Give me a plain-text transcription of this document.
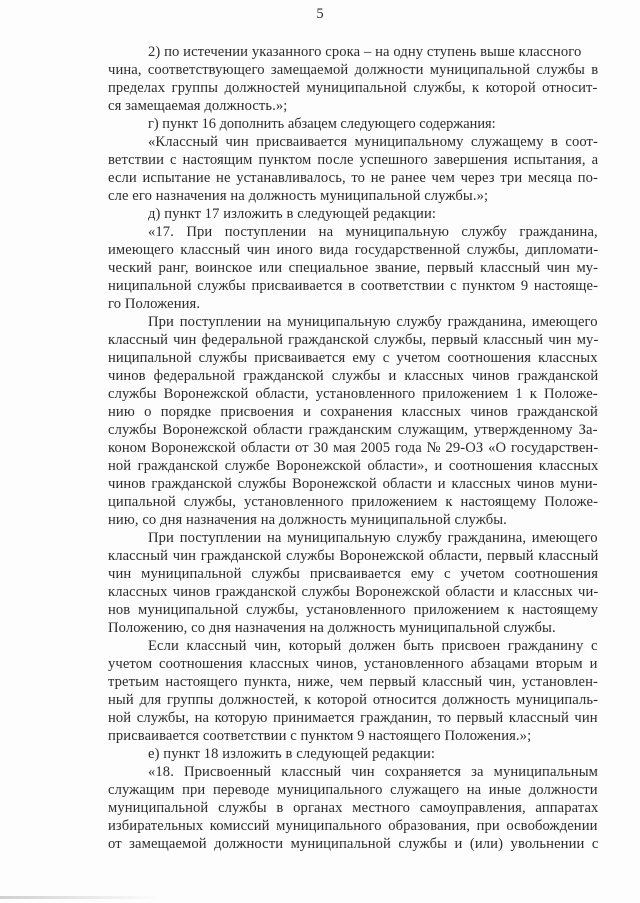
5
2) по истечении указанного срока – на одну ступень выше классного
чина, соответствующего замещаемой должности муниципальной службы в
пределах группы должностей муниципальной службы, к которой относит-
ся замещаемая должность.»;
г) пункт 16 дополнить абзацем следующего содержания:
«Классный чин присваивается муниципальному служащему в соот-
ветствии с настоящим пунктом после успешного завершения испытания, а
если испытание не устанавливалось, то не ранее чем через три месяца по-
сле его назначения на должность муниципальной службы.»;
д) пункт 17 изложить в следующей редакции:
«17. При поступлении на муниципальную службу гражданина,
имеющего классный чин иного вида государственной службы, дипломати-
ческий ранг, воинское или специальное звание, первый классный чин му-
ниципальной службы присваивается в соответствии с пунктом 9 настояще-
го Положения.
При поступлении на муниципальную службу гражданина, имеющего
классный чин федеральной гражданской службы, первый классный чин му-
ниципальной службы присваивается ему с учетом соотношения классных
чинов федеральной гражданской службы и классных чинов гражданской
службы Воронежской области, установленного приложением 1 к Положе-
нию о порядке присвоения и сохранения классных чинов гражданской
службы Воронежской области гражданским служащим, утвержденному За-
коном Воронежской области от 30 мая 2005 года № 29-ОЗ «О государствен-
ной гражданской службе Воронежской области», и соотношения классных
чинов гражданской службы Воронежской области и классных чинов муни-
ципальной службы, установленного приложением к настоящему Положе-
нию, со дня назначения на должность муниципальной службы.
При поступлении на муниципальную службу гражданина, имеющего
классный чин гражданской службы Воронежской области, первый классный
чин муниципальной службы присваивается ему с учетом соотношения
классных чинов гражданской службы Воронежской области и классных чи-
нов муниципальной службы, установленного приложением к настоящему
Положению, со дня назначения на должность муниципальной службы.
Если классный чин, который должен быть присвоен гражданину с
учетом соотношения классных чинов, установленного абзацами вторым и
третьим настоящего пункта, ниже, чем первый классный чин, установлен-
ный для группы должностей, к которой относится должность муниципаль-
ной службы, на которую принимается гражданин, то первый классный чин
присваивается соответствии с пунктом 9 настоящего Положения.»;
е) пункт 18 изложить в следующей редакции:
«18. Присвоенный классный чин сохраняется за муниципальным
служащим при переводе муниципального служащего на иные должности
муниципальной службы в органах местного самоуправления, аппаратах
избирательных комиссий муниципального образования, при освобождении
от замещаемой должности муниципальной службы и (или) увольнении с
